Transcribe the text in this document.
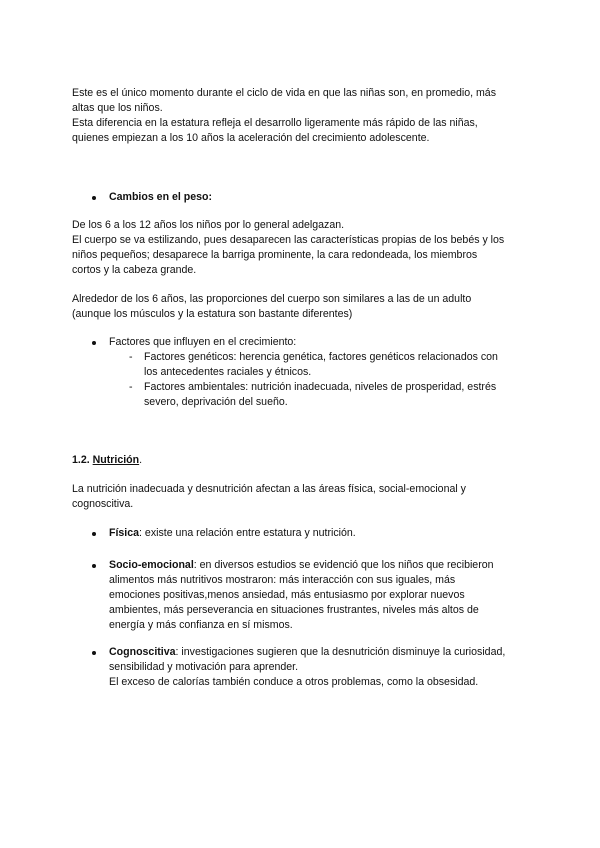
Este es el único momento durante el ciclo de vida en que las niñas son, en promedio, más
altas que los niños.
Esta diferencia en la estatura refleja el desarrollo ligeramente más rápido de las niñas,
quienes empiezan a los 10 años la aceleración del crecimiento adolescente.

Cambios en el peso:

De los 6 a los 12 años los niños por lo general adelgazan.
El cuerpo se va estilizando, pues desaparecen las características propias de los bebés y los
niños pequeños; desaparece la barriga prominente, la cara redondeada, los miembros
cortos y la cabeza grande.

Alrededor de los 6 años, las proporciones del cuerpo son similares a las de un adulto
(aunque los músculos y la estatura son bastante diferentes)

Factores que influyen en el crecimiento:
- Factores genéticos: herencia genética, factores genéticos relacionados con
los antecedentes raciales y étnicos.
- Factores ambientales: nutrición inadecuada, niveles de prosperidad, estrés
severo, deprivación del sueño.
1.2. Nutrición.

La nutrición inadecuada y desnutrición afectan a las áreas física, social-emocional y
cognoscitiva.

Física: existe una relación entre estatura y nutrición.
Socio-emocional: en diversos estudios se evidenció que los niños que recibieron
alimentos más nutritivos mostraron: más interacción con sus iguales, más
emociones positivas,menos ansiedad, más entusiasmo por explorar nuevos
ambientes, más perseverancia en situaciones frustrantes, niveles más altos de
energía y más confianza en sí mismos.
Cognoscitiva: investigaciones sugieren que la desnutrición disminuye la curiosidad,
sensibilidad y motivación para aprender.
El exceso de calorías también conduce a otros problemas, como la obsesidad.
